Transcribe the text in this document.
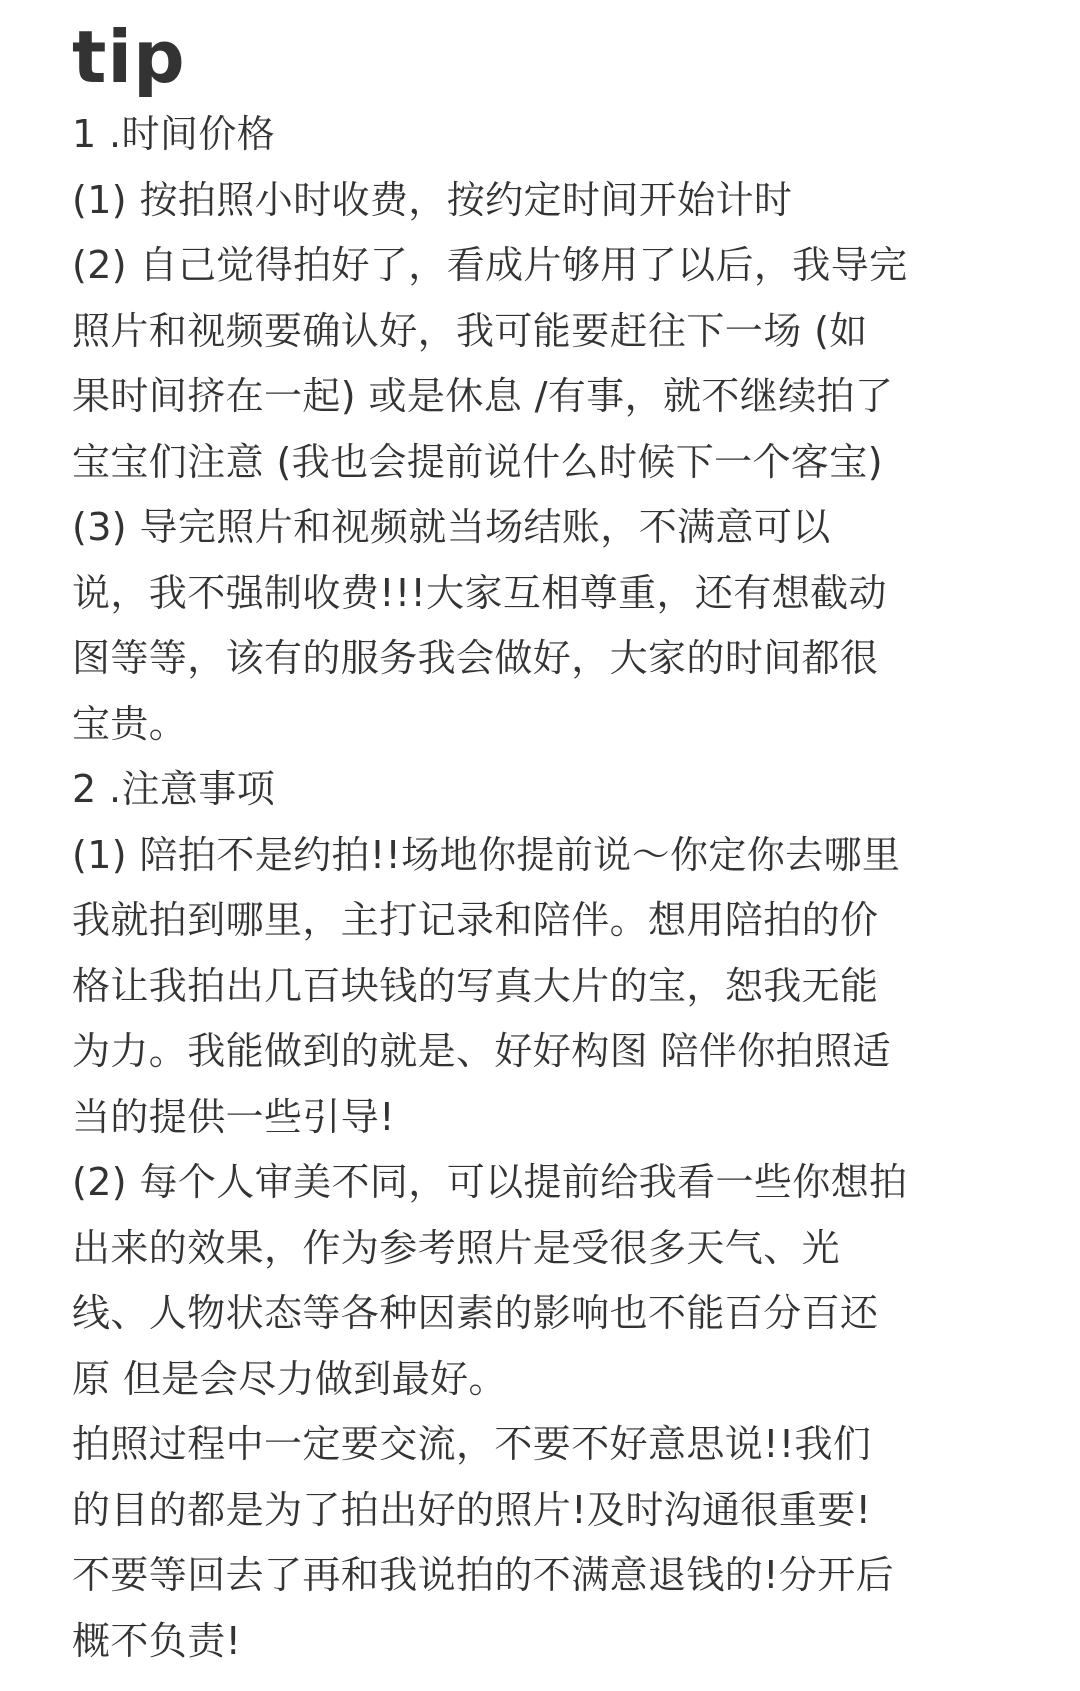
tip
1 .时间价格
(1) 按拍照小时收费，按约定时间开始计时
(2) 自己觉得拍好了，看成片够用了以后，我导完
照片和视频要确认好，我可能要赶往下一场 (如
果时间挤在一起) 或是休息 /有事，就不继续拍了
宝宝们注意 (我也会提前说什么时候下一个客宝)
(3) 导完照片和视频就当场结账，不满意可以
说，我不强制收费!!!大家互相尊重，还有想截动
图等等，该有的服务我会做好，大家的时间都很
宝贵。
2 .注意事项
(1) 陪拍不是约拍!!场地你提前说～你定你去哪里
我就拍到哪里，主打记录和陪伴。想用陪拍的价
格让我拍出几百块钱的写真大片的宝，恕我无能
为力。我能做到的就是、好好构图 陪伴你拍照适
当的提供一些引导!
(2) 每个人审美不同，可以提前给我看一些你想拍
出来的效果，作为参考照片是受很多天气、光
线、人物状态等各种因素的影响也不能百分百还
原 但是会尽力做到最好。
拍照过程中一定要交流，不要不好意思说!!我们
的目的都是为了拍出好的照片!及时沟通很重要!
不要等回去了再和我说拍的不满意退钱的!分开后
概不负责!
